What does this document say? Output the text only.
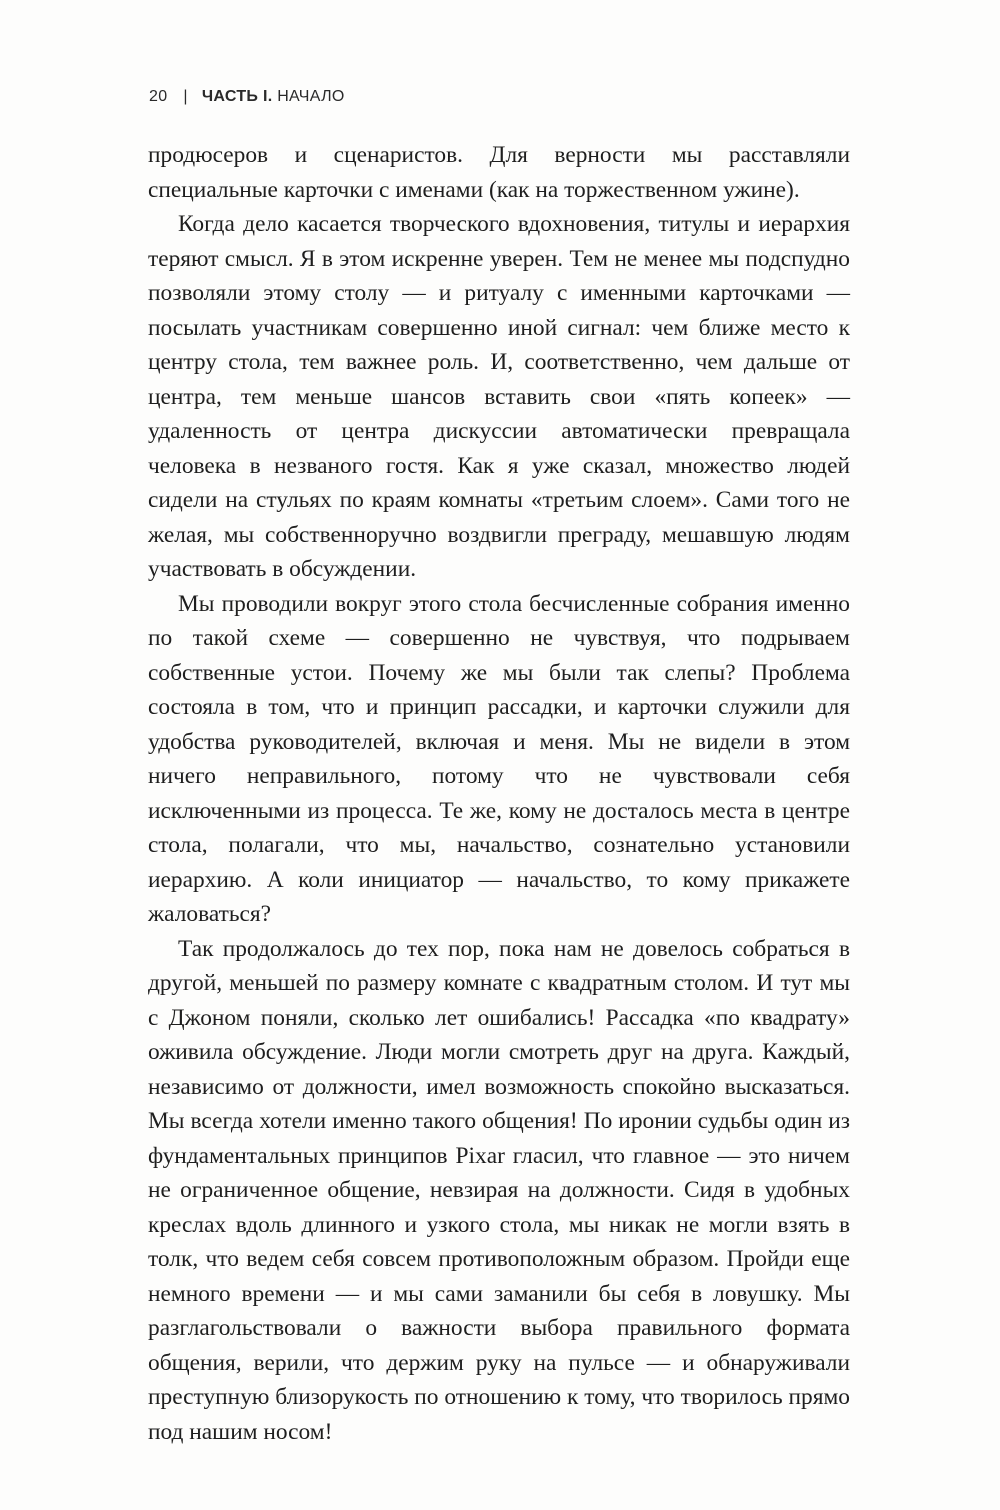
20 | ЧАСТЬ I. НАЧАЛО

продюсеров и сценаристов. Для верности мы расставляли специальные карточки с именами (как на торжественном ужине).

Когда дело касается творческого вдохновения, титулы и иерархия теряют смысл. Я в этом искренне уверен. Тем не менее мы подспудно позволяли этому столу — и ритуалу с именными карточками — посылать участникам совершенно иной сигнал: чем ближе место к центру стола, тем важнее роль. И, соответственно, чем дальше от центра, тем меньше шансов вставить свои «пять копеек» — удаленность от центра дискуссии автоматически превращала человека в незваного гостя. Как я уже сказал, множество людей сидели на стульях по краям комнаты «третьим слоем». Сами того не желая, мы собственноручно воздвигли преграду, мешавшую людям участвовать в обсуждении.

Мы проводили вокруг этого стола бесчисленные собрания именно по такой схеме — совершенно не чувствуя, что подрываем собственные устои. Почему же мы были так слепы? Проблема состояла в том, что и принцип рассадки, и карточки служили для удобства руководителей, включая и меня. Мы не видели в этом ничего неправильного, потому что не чувствовали себя исключенными из процесса. Те же, кому не досталось места в центре стола, полагали, что мы, начальство, сознательно установили иерархию. А коли инициатор — начальство, то кому прикажете жаловаться?

Так продолжалось до тех пор, пока нам не довелось собраться в другой, меньшей по размеру комнате с квадратным столом. И тут мы с Джоном поняли, сколько лет ошибались! Рассадка «по квадрату» оживила обсуждение. Люди могли смотреть друг на друга. Каждый, независимо от должности, имел возможность спокойно высказаться. Мы всегда хотели именно такого общения! По иронии судьбы один из фундаментальных принципов Pixar гласил, что главное — это ничем не ограниченное общение, невзирая на должности. Сидя в удобных креслах вдоль длинного и узкого стола, мы никак не могли взять в толк, что ведем себя совсем противоположным образом. Пройди еще немного времени — и мы сами заманили бы себя в ловушку. Мы разглагольствовали о важности выбора правильного формата общения, верили, что держим руку на пульсе — и обнаруживали преступную близорукость по отношению к тому, что творилось прямо под нашим носом!
